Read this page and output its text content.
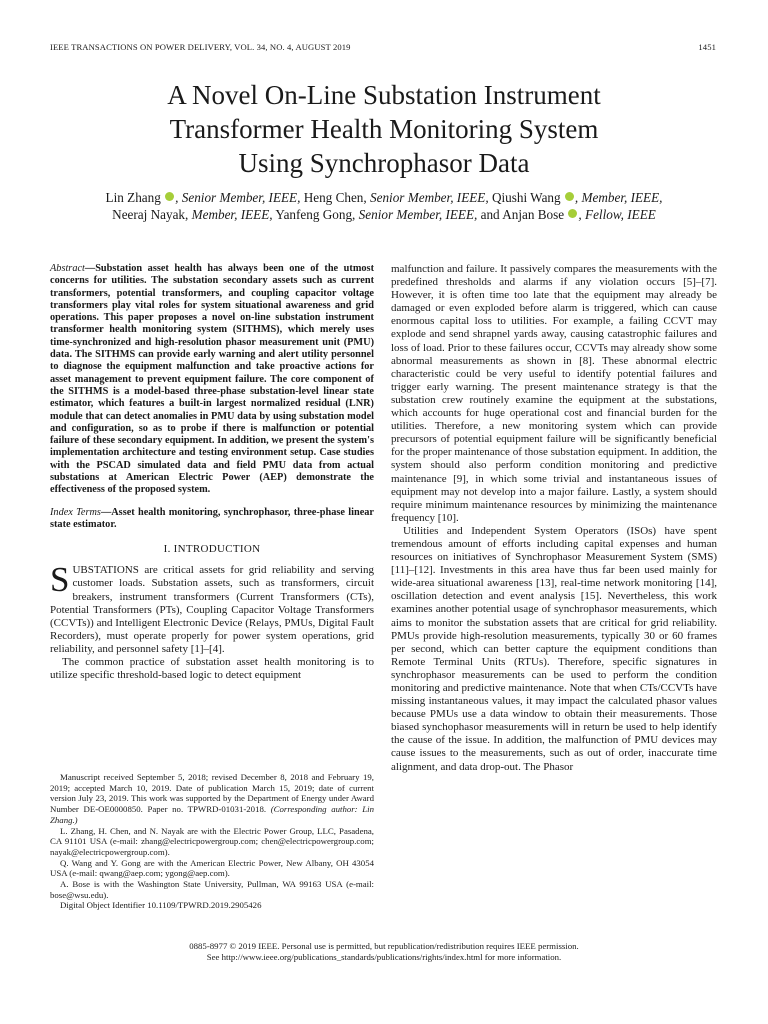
IEEE TRANSACTIONS ON POWER DELIVERY, VOL. 34, NO. 4, AUGUST 2019	1451
A Novel On-Line Substation Instrument
Transformer Health Monitoring System
Using Synchrophasor Data
Lin Zhang , Senior Member, IEEE, Heng Chen, Senior Member, IEEE, Qiushi Wang , Member, IEEE,
Neeraj Nayak, Member, IEEE, Yanfeng Gong, Senior Member, IEEE, and Anjan Bose , Fellow, IEEE

Abstract—Substation asset health has always been one of the utmost concerns for utilities. The substation secondary assets such as current transformers, potential transformers, and coupling capacitor voltage transformers play vital roles for system situational awareness and grid operations. This paper proposes a novel on-line substation instrument transformer health monitoring system (SITHMS), which merely uses time-synchronized and high-resolution phasor measurement unit (PMU) data. The SITHMS can provide early warning and alert utility personnel to diagnose the equipment malfunction and take proactive actions for asset management to prevent equipment failure. The core component of the SITHMS is a model-based three-phase substation-level linear state estimator, which features a built-in largest normalized residual (LNR) module that can detect anomalies in PMU data by using substation model and configuration, so as to probe if there is malfunction or potential failure of these secondary equipment. In addition, we present the system's implementation architecture and testing environment setup. Case studies with the PSCAD simulated data and field PMU data from actual substations at American Electric Power (AEP) demonstrate the effectiveness of the proposed system.

Index Terms—Asset health monitoring, synchrophasor, three-phase linear state estimator.

I. INTRODUCTION

SUBSTATIONS are critical assets for grid reliability and serving customer loads. Substation assets, such as transformers, circuit breakers, instrument transformers (Current Transformers (CTs), Potential Transformers (PTs), Coupling Capacitor Voltage Transformers (CCVTs)) and Intelligent Electronic Device (Relays, PMUs, Digital Fault Recorders), must operate properly for power system operations, grid reliability, and personnel safety [1]–[4].

The common practice of substation asset health monitoring is to utilize specific threshold-based logic to detect equipment

Manuscript received September 5, 2018; revised December 8, 2018 and February 19, 2019; accepted March 10, 2019. Date of publication March 15, 2019; date of current version July 23, 2019. This work was supported by the Department of Energy under Award Number DE-OE0000850. Paper no. TPWRD-01031-2018. (Corresponding author: Lin Zhang.)

L. Zhang, H. Chen, and N. Nayak are with the Electric Power Group, LLC, Pasadena, CA 91101 USA (e-mail: zhang@electricpowergroup.com; chen@electricpowergroup.com; nayak@electricpowergroup.com).

Q. Wang and Y. Gong are with the American Electric Power, New Albany, OH 43054 USA (e-mail: qwang@aep.com; ygong@aep.com).

A. Bose is with the Washington State University, Pullman, WA 99163 USA (e-mail: bose@wsu.edu).

Digital Object Identifier 10.1109/TPWRD.2019.2905426

malfunction and failure. It passively compares the measurements with the predefined thresholds and alarms if any violation occurs [5]–[7]. However, it is often time too late that the equipment may already be damaged or even exploded before alarm is triggered, which can cause enormous capital loss to utilities. For example, a failing CCVT may explode and send shrapnel yards away, causing catastrophic failures and loss of load. Prior to these failures occur, CCVTs may already show some abnormal measurements as shown in [8]. These abnormal electric characteristic could be very useful to identify potential failures and trigger early warning. The present maintenance strategy is that the substation crew routinely examine the equipment at the substations, which accounts for huge operational cost and financial burden for the utilities. Therefore, a new monitoring system which can provide precursors of potential equipment failure will be significantly beneficial for the proper maintenance of those substation equipment. In addition, the system should also perform condition monitoring and predictive maintenance [9], in which some trivial and instantaneous issues of equipment may not develop into a major failure. Lastly, a system should require minimum maintenance resources by minimizing the maintenance frequency [10].

Utilities and Independent System Operators (ISOs) have spent tremendous amount of efforts including capital expenses and human resources on initiatives of Synchrophasor Measurement System (SMS) [11]–[12]. Investments in this area have thus far been used mainly for wide-area situational awareness [13], real-time network monitoring [14], oscillation detection and event analysis [15]. Nevertheless, this work examines another potential usage of synchrophasor measurements, which aims to monitor the substation assets that are critical for grid reliability. PMUs provide high-resolution measurements, typically 30 or 60 frames per second, which can better capture the equipment conditions than Remote Terminal Units (RTUs). Therefore, specific signatures in synchrophasor measurements can be used to perform the condition monitoring and predictive maintenance. Note that when CTs/CCVTs have missing instantaneous values, it may impact the calculated phasor values because PMUs use a data window to obtain their measurements. Those biased synchophasor measurements will in return be used to help identify the cause of the issue. In addition, the malfunction of PMU devices may cause issues to the measurements, such as out of order, inaccurate time alignment, and data drop-out. The Phasor

0885-8977 © 2019 IEEE. Personal use is permitted, but republication/redistribution requires IEEE permission.
See http://www.ieee.org/publications_standards/publications/rights/index.html for more information.
